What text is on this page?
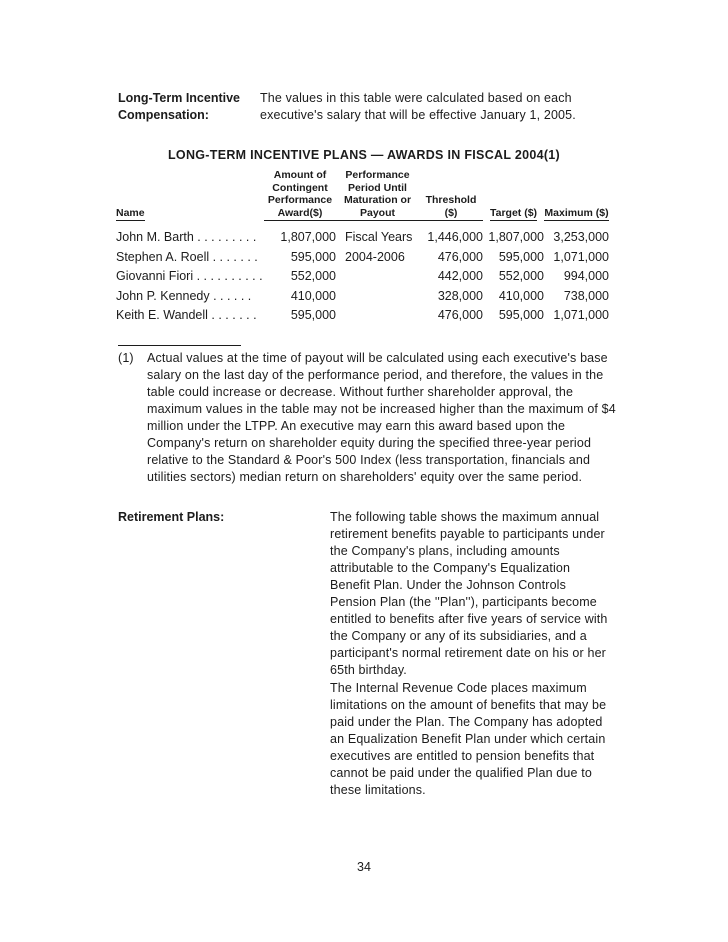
Long-Term Incentive Compensation:
The values in this table were calculated based on each executive's salary that will be effective January 1, 2005.
LONG-TERM INCENTIVE PLANS — AWARDS IN FISCAL 2004(1)
Name	Amount of Contingent Performance Award($)	Performance Period Until Maturation or Payout	Threshold ($)	Target ($)	Maximum ($)
John M. Barth . . . . . . . . .	1,807,000	Fiscal Years	1,446,000	1,807,000	3,253,000
Stephen A. Roell . . . . . . .	595,000	2004-2006	476,000	595,000	1,071,000
Giovanni Fiori . . . . . . . . . .	552,000		442,000	552,000	994,000
John P. Kennedy . . . . . .	410,000		328,000	410,000	738,000
Keith E. Wandell . . . . . . .	595,000		476,000	595,000	1,071,000
(1) Actual values at the time of payout will be calculated using each executive's base salary on the last day of the performance period, and therefore, the values in the table could increase or decrease. Without further shareholder approval, the maximum values in the table may not be increased higher than the maximum of $4 million under the LTPP. An executive may earn this award based upon the Company's return on shareholder equity during the specified three-year period relative to the Standard & Poor's 500 Index (less transportation, financials and utilities sectors) median return on shareholders' equity over the same period.
Retirement Plans:	The following table shows the maximum annual retirement benefits payable to participants under the Company's plans, including amounts attributable to the Company's Equalization Benefit Plan. Under the Johnson Controls Pension Plan (the ''Plan''), participants become entitled to benefits after five years of service with the Company or any of its subsidiaries, and a participant's normal retirement date on his or her 65th birthday.
The Internal Revenue Code places maximum limitations on the amount of benefits that may be paid under the Plan. The Company has adopted an Equalization Benefit Plan under which certain executives are entitled to pension benefits that cannot be paid under the qualified Plan due to these limitations.
34
